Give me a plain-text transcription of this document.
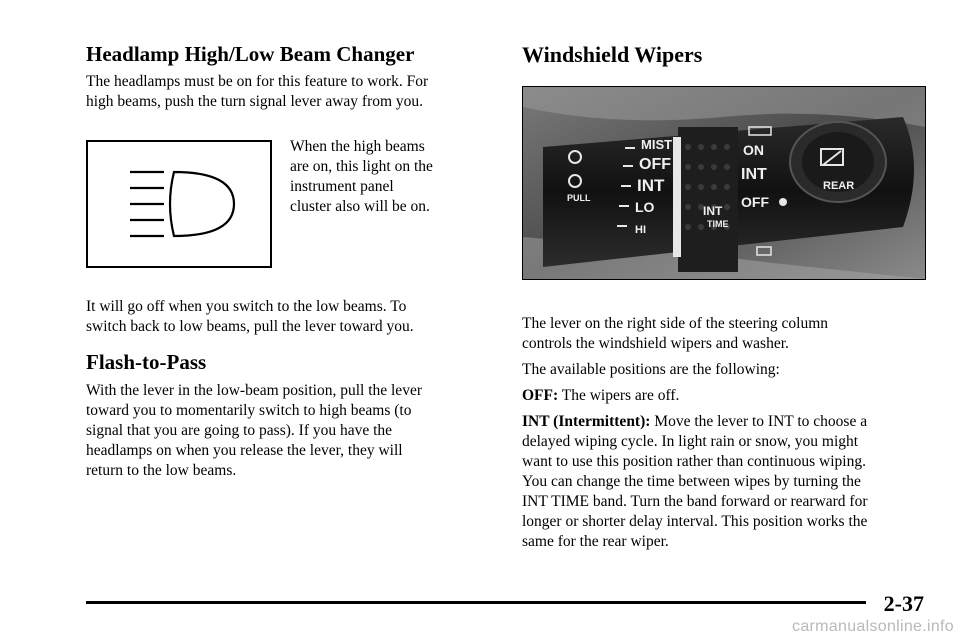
Headlamp High/Low Beam Changer

The headlamps must be on for this feature to work. For

high beams, push the turn signal lever away from you.

When the high beams

are on, this light on the

instrument panel

cluster also will be on.

It will go off when you switch to the low beams. To

switch back to low beams, pull the lever toward you.

Flash-to-Pass

With the lever in the low-beam position, pull the lever

toward you to momentarily switch to high beams (to

signal that you are going to pass). If you have the

headlamps on when you release the lever, they will

return to the low beams.

Windshield Wipers
MIST
OFF
INT
LO
HI
PULL
INT
TIME
ON
INT
OFF
REAR

The lever on the right side of the steering column

controls the windshield wipers and washer.

The available positions are the following:

OFF: The wipers are off.

INT (Intermittent): Move the lever to INT to choose a

delayed wiping cycle. In light rain or snow, you might

want to use this position rather than continuous wiping.

You can change the time between wipes by turning the

INT TIME band. Turn the band forward or rearward for

longer or shorter delay interval. This position works the

same for the rear wiper.

2-37
carmanualsonline.info
